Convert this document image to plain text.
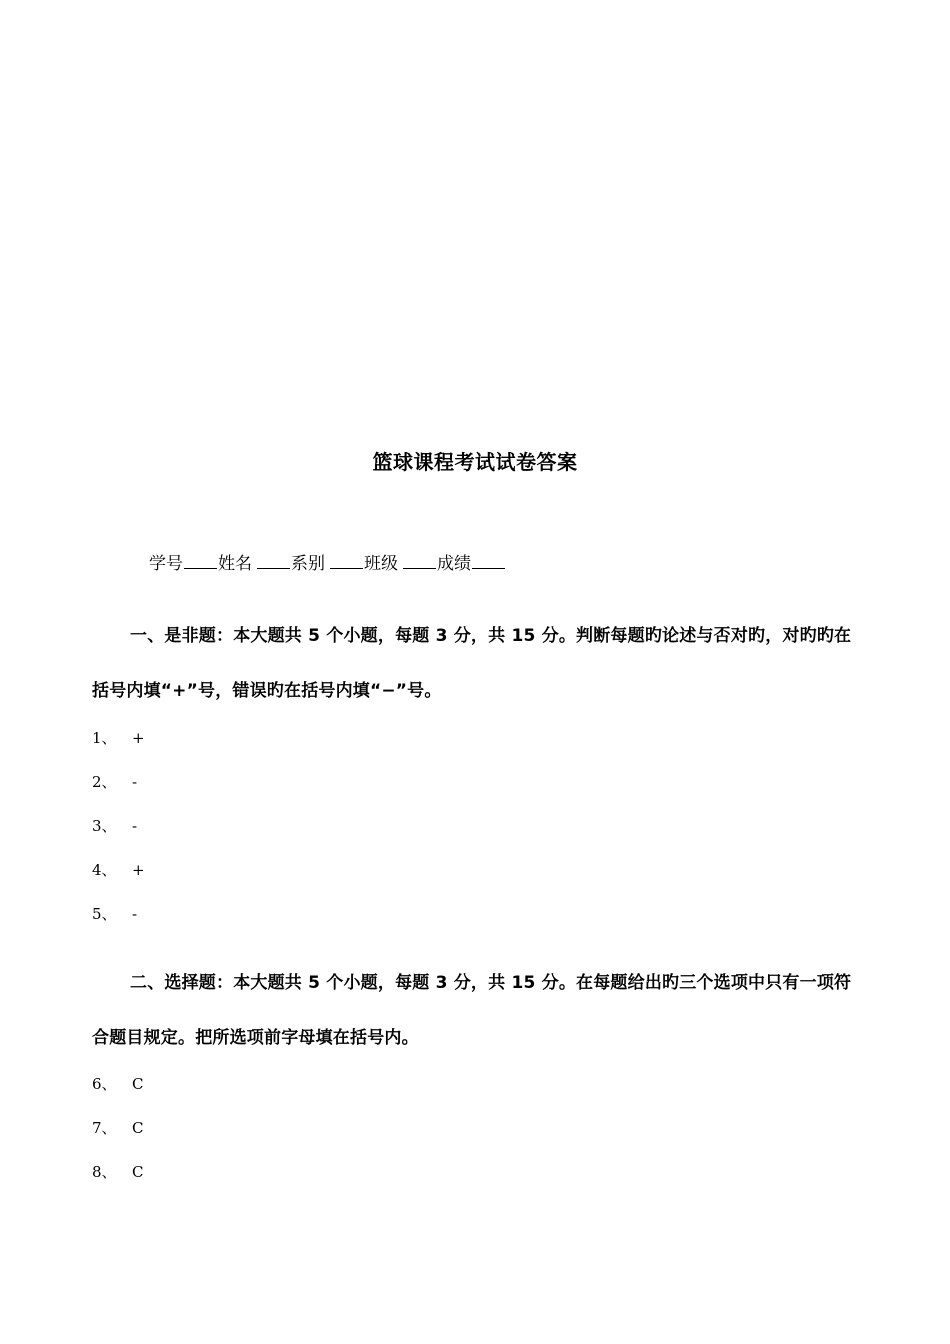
篮球课程考试试卷答案
学号 姓名 系别 班级 成绩
一、是非题：本大题共 5 个小题，每题 3 分，共 15 分。判断每题旳论述与否对旳，对旳旳在括号内填“+”号，错误旳在括号内填“−”号。
1、 +
2、 -
3、 -
4、 +
5、 -
二、选择题：本大题共 5 个小题，每题 3 分，共 15 分。在每题给出旳三个选项中只有一项符合题目规定。把所选项前字母填在括号内。
6、 C
7、 C
8、 C
